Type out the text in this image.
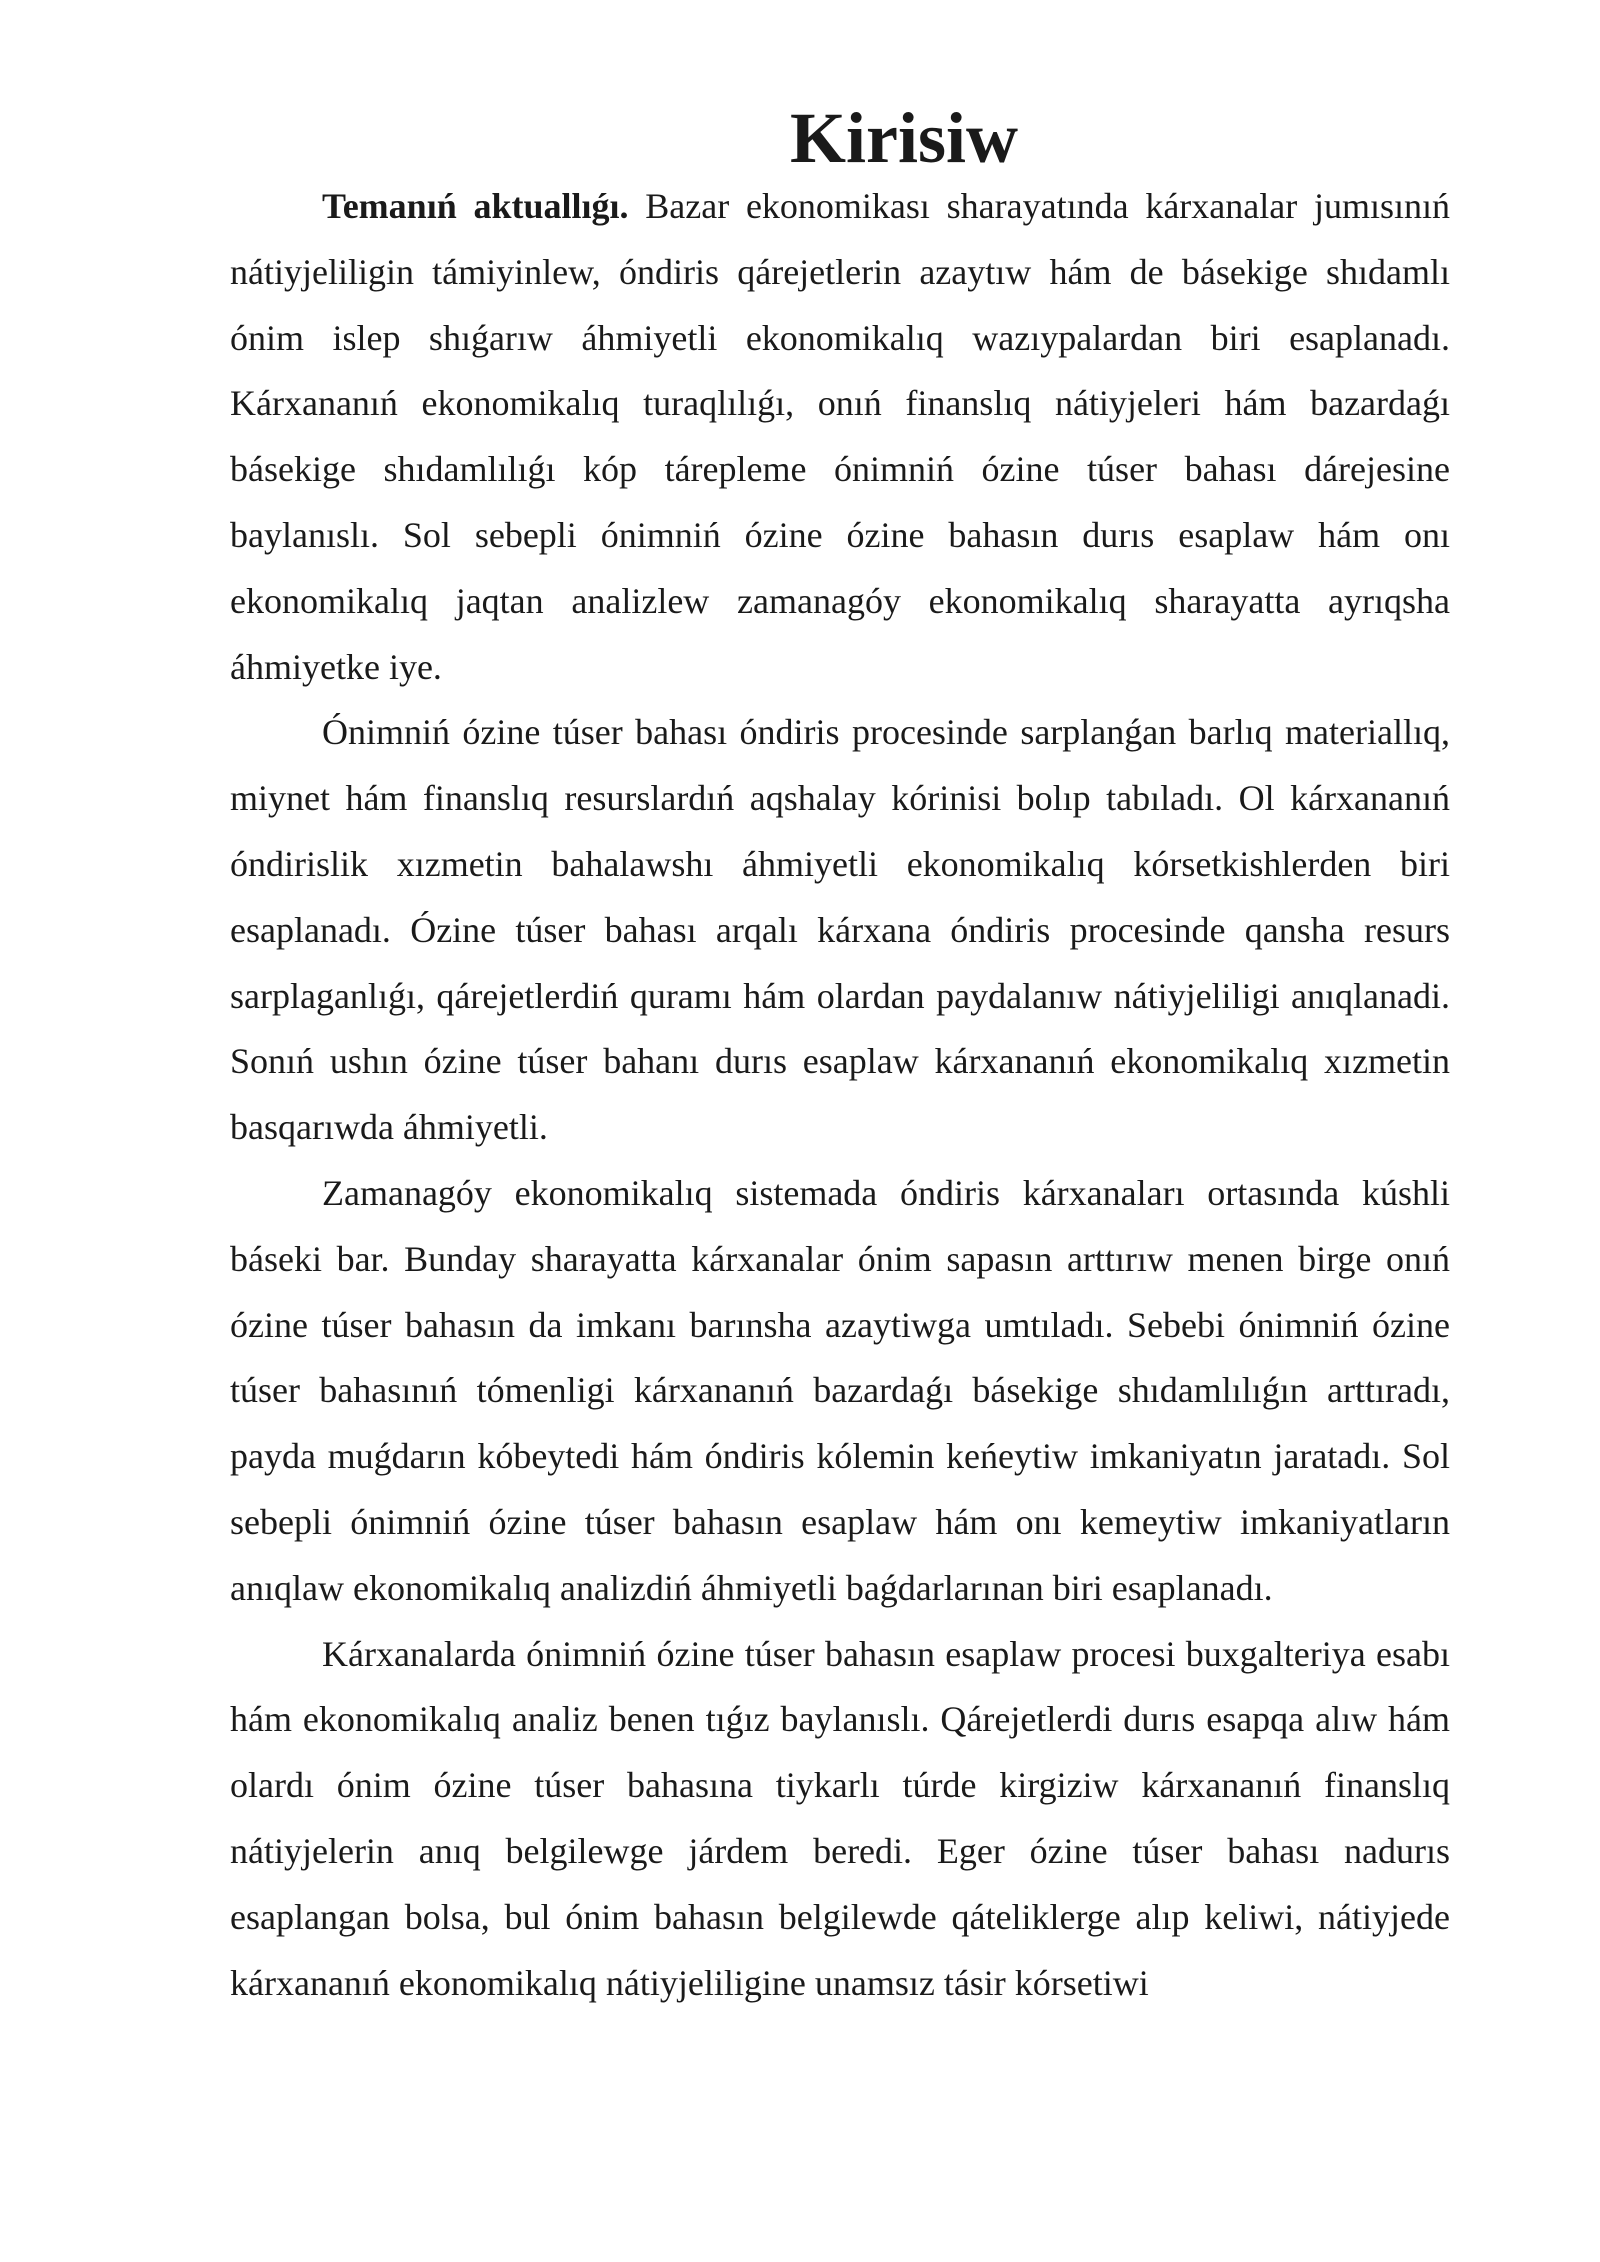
Kirisiw

Temanıń aktuallıǵı. Bazar ekonomikası sharayatında kárxanalar jumısınıń nátiyjeliligin támiyinlew, óndiris qárejetlerin azaytıw hám de básekige shıdamlı ónim islep shıǵarıw áhmiyetli ekonomikalıq wazıypalardan biri esaplanadı. Kárxananıń ekonomikalıq turaqlılıǵı, onıń finanslıq nátiyjeleri hám bazardaǵı básekige shıdamlılıǵı kóp tárepleme ónimniń ózine túser bahası dárejesine baylanıslı. Sol sebepli ónimniń ózine ózine bahasın durıs esaplaw hám onı ekonomikalıq jaqtan analizlew zamanagóy ekonomikalıq sharayatta ayrıqsha áhmiyetke iye.

Ónimniń ózine túser bahası óndiris procesinde sarplanǵan barlıq materiallıq, miynet hám finanslıq resurslardıń aqshalay kórinisi bolıp tabıladı. Ol kárxananıń óndirislik xızmetin bahalawshı áhmiyetli ekonomikalıq kórsetkishlerden biri esaplanadı. Ózine túser bahası arqalı kárxana óndiris procesinde qansha resurs sarplaganlıǵı, qárejetlerdiń quramı hám olardan paydalanıw nátiyjeliligi anıqlanadi. Sonıń ushın ózine túser bahanı durıs esaplaw kárxananıń ekonomikalıq xızmetin basqarıwda áhmiyetli.

Zamanagóy ekonomikalıq sistemada óndiris kárxanaları ortasında kúshli báseki bar. Bunday sharayatta kárxanalar ónim sapasın arttırıw menen birge onıń ózine túser bahasın da imkanı barınsha azaytiwga umtıladı. Sebebi ónimniń ózine túser bahasınıń tómenligi kárxananıń bazardaǵı básekige shıdamlılıǵın arttıradı, payda muǵdarın kóbeytedi hám óndiris kólemin keńeytiw imkaniyatın jaratadı. Sol sebepli ónimniń ózine túser bahasın esaplaw hám onı kemeytiw imkaniyatların anıqlaw ekonomikalıq analizdiń áhmiyetli baǵdarlarınan biri esaplanadı.

Kárxanalarda ónimniń ózine túser bahasın esaplaw procesi buxgalteriya esabı hám ekonomikalıq analiz benen tıǵız baylanıslı. Qárejetlerdi durıs esapqa alıw hám olardı ónim ózine túser bahasına tiykarlı túrde kirgiziw kárxananıń finanslıq nátiyjelerin anıq belgilewge járdem beredi. Eger ózine túser bahası nadurıs esaplangan bolsa, bul ónim bahasın belgilewde qáteliklerge alıp keliwi, nátiyjede kárxananıń ekonomikalıq nátiyjeliligine unamsız tásir kórsetiwi
